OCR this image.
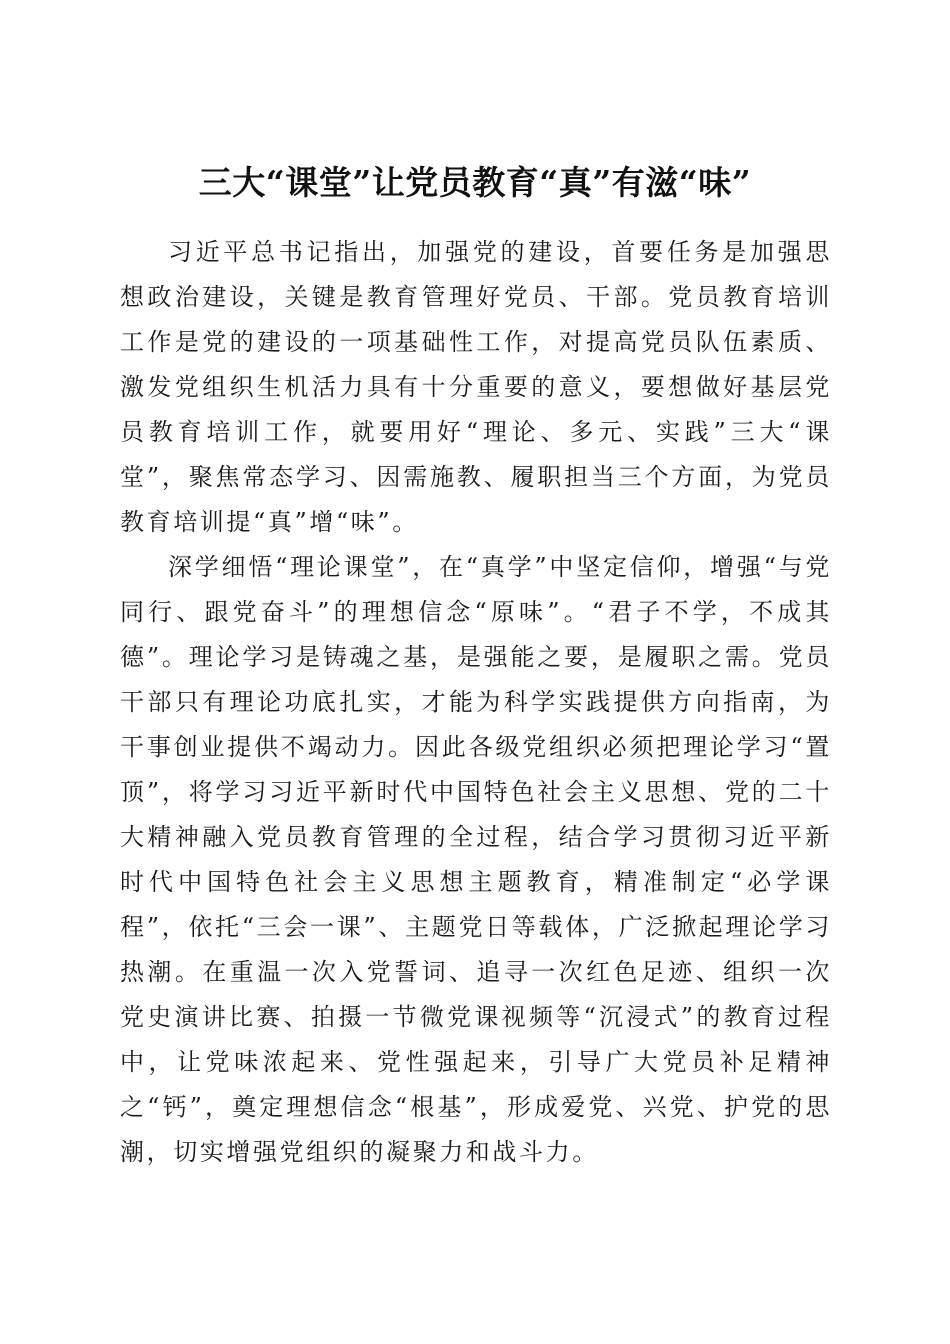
三大“课堂”让党员教育“真”有滋“味”

习近平总书记指出，加强党的建设，首要任务是加强思想政治建设，关键是教育管理好党员、干部。党员教育培训工作是党的建设的一项基础性工作，对提高党员队伍素质、激发党组织生机活力具有十分重要的意义，要想做好基层党员教育培训工作，就要用好“理论、多元、实践”三大“课堂”，聚焦常态学习、因需施教、履职担当三个方面，为党员教育培训提“真”增“味”。

深学细悟“理论课堂”，在“真学”中坚定信仰，增强“与党同行、跟党奋斗”的理想信念“原味”。“君子不学，不成其德”。理论学习是铸魂之基，是强能之要，是履职之需。党员干部只有理论功底扎实，才能为科学实践提供方向指南，为干事创业提供不竭动力。因此各级党组织必须把理论学习“置顶”，将学习习近平新时代中国特色社会主义思想、党的二十大精神融入党员教育管理的全过程，结合学习贯彻习近平新时代中国特色社会主义思想主题教育，精准制定“必学课程”，依托“三会一课”、主题党日等载体，广泛掀起理论学习热潮。在重温一次入党誓词、追寻一次红色足迹、组织一次党史演讲比赛、拍摄一节微党课视频等“沉浸式”的教育过程中，让党味浓起来、党性强起来，引导广大党员补足精神之“钙”，奠定理想信念“根基”，形成爱党、兴党、护党的思潮，切实增强党组织的凝聚力和战斗力。
